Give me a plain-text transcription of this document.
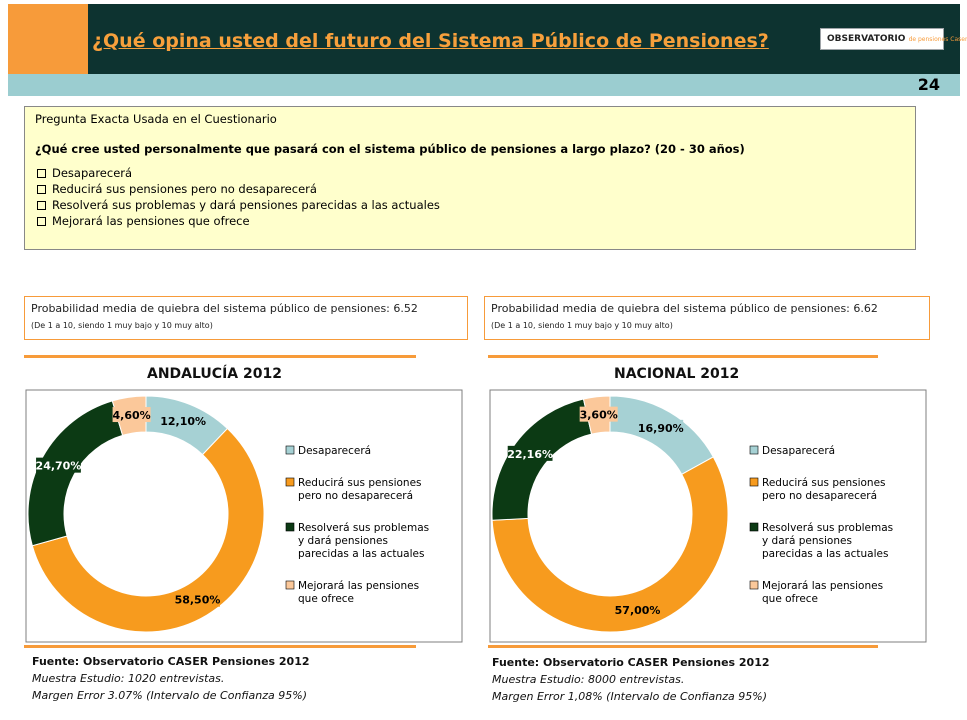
¿Qué opina usted del futuro del Sistema Público de Pensiones?	OBSERVATORIO de pensiones Caser
24
Pregunta Exacta Usada en el Cuestionario
¿Qué cree usted personalmente que pasará con el sistema público de pensiones a largo plazo? (20 - 30 años)
Desaparecerá
Reducirá sus pensiones pero no desaparecerá
Resolverá sus problemas y dará pensiones parecidas a las actuales
Mejorará las pensiones que ofrece
Probabilidad media de quiebra del sistema público de pensiones: 6.52
(De 1 a 10, siendo 1 muy bajo y 10 muy alto)
Probabilidad media de quiebra del sistema público de pensiones: 6.62
(De 1 a 10, siendo 1 muy bajo y 10 muy alto)
ANDALUCÍA 2012
12,10%
58,50%
24,70%
4,60%
Desaparecerá
Reducirá sus pensiones
pero no desaparecerá
Resolverá sus problemas
y dará pensiones
parecidas a las actuales
Mejorará las pensiones
que ofrece
Fuente: Observatorio CASER Pensiones 2012
Muestra Estudio: 1020 entrevistas.
Margen Error 3.07% (Intervalo de Confianza 95%)
NACIONAL 2012
16,90%
57,00%
22,16%
3,60%
Desaparecerá
Reducirá sus pensiones
pero no desaparecerá
Resolverá sus problemas
y dará pensiones
parecidas a las actuales
Mejorará las pensiones
que ofrece
Fuente: Observatorio CASER Pensiones 2012
Muestra Estudio: 8000 entrevistas.
Margen Error 1,08% (Intervalo de Confianza 95%)
